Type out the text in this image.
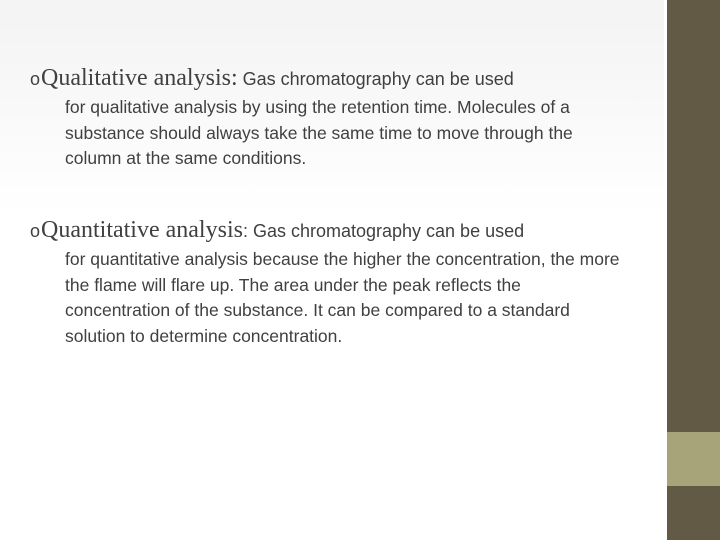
oQualitative analysis: Gas chromatography can be used
for qualitative analysis by using the retention time. Molecules of a substance should always take the same time to move through the column at the same conditions.
oQuantitative analysis: Gas chromatography can be used
for quantitative analysis because the higher the concentration, the more the flame will flare up. The area under the peak reflects the concentration of the substance. It can be compared to a standard solution to determine concentration.
